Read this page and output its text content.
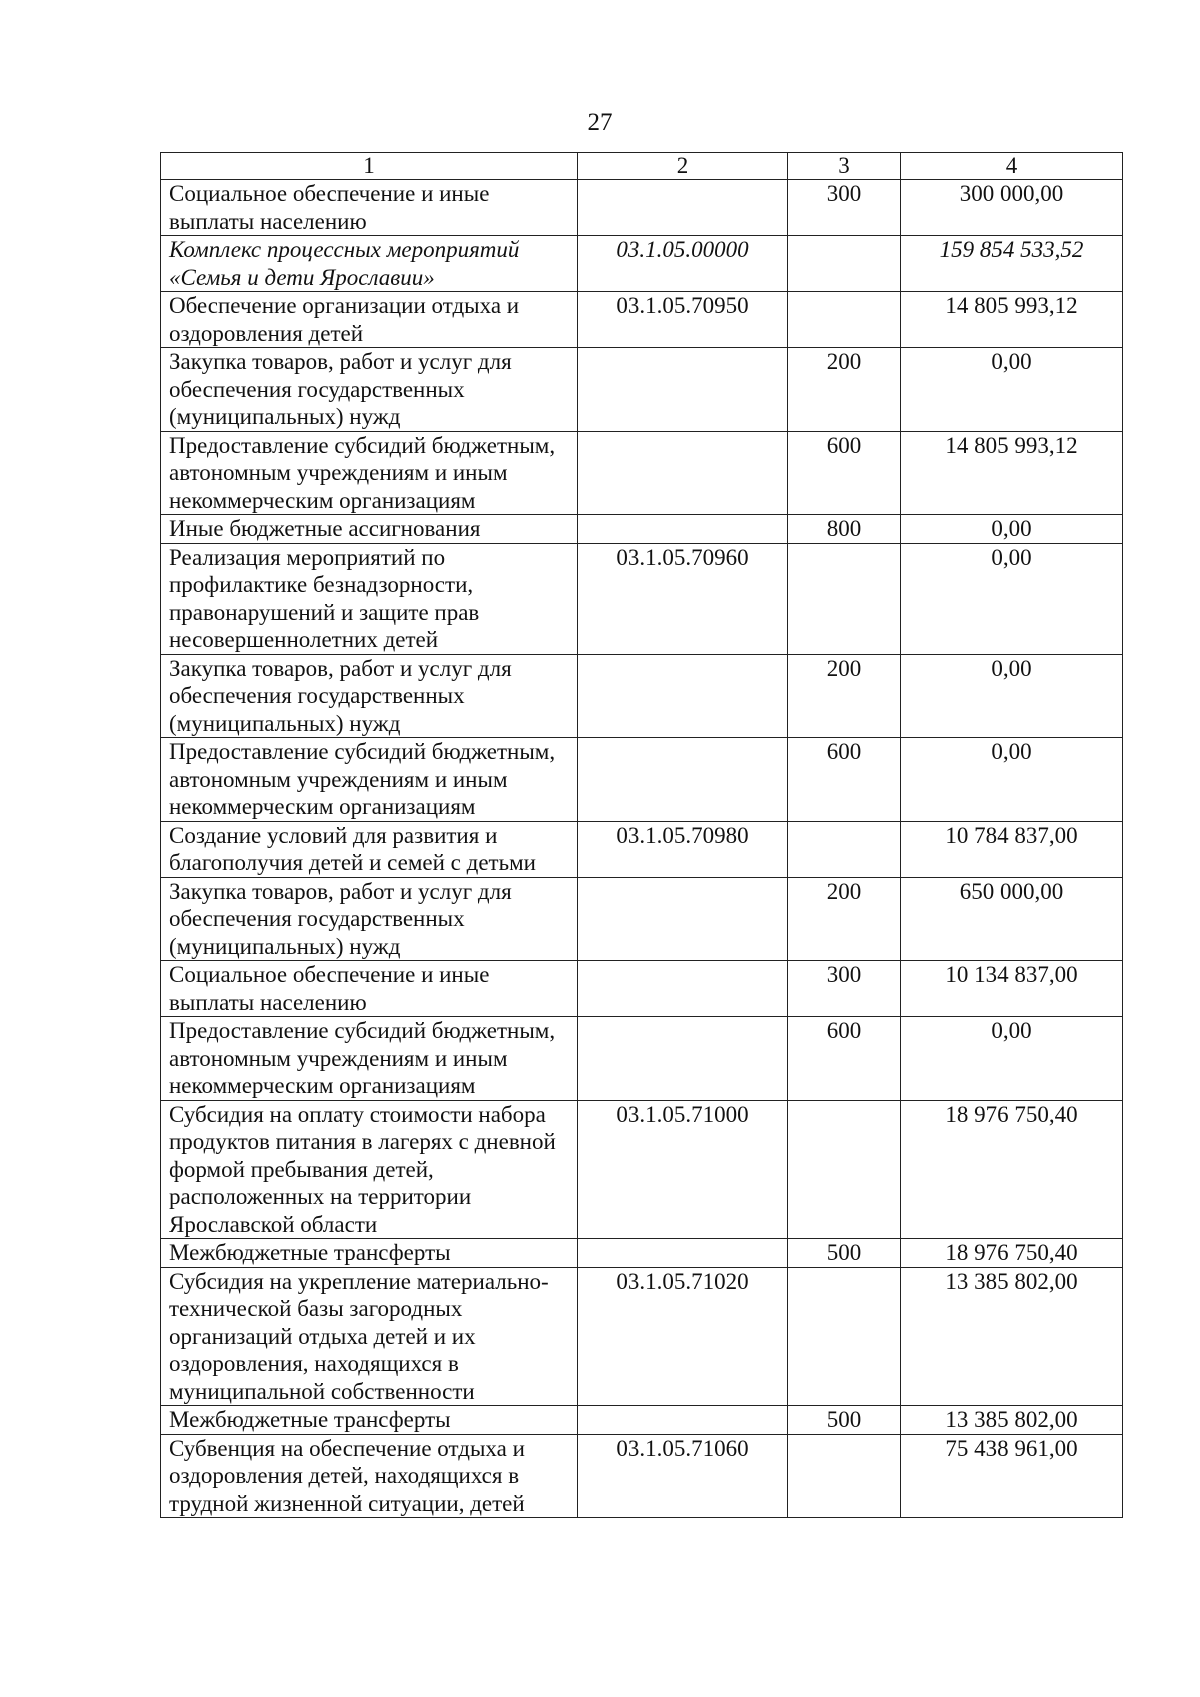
27
1	2	3	4
Социальное обеспечение и иные выплаты населению		300	300 000,00
Комплекс процессных мероприятий «Семья и дети Ярославии»	03.1.05.00000		159 854 533,52
Обеспечение организации отдыха и оздоровления детей	03.1.05.70950		14 805 993,12
Закупка товаров, работ и услуг для обеспечения государственных (муниципальных) нужд		200	0,00
Предоставление субсидий бюджетным, автономным учреждениям и иным некоммерческим организациям		600	14 805 993,12
Иные бюджетные ассигнования		800	0,00
Реализация мероприятий по профилактике безнадзорности, правонарушений и защите прав несовершеннолетних детей	03.1.05.70960		0,00
Закупка товаров, работ и услуг для обеспечения государственных (муниципальных) нужд		200	0,00
Предоставление субсидий бюджетным, автономным учреждениям и иным некоммерческим организациям		600	0,00
Создание условий для развития и благополучия детей и семей с детьми	03.1.05.70980		10 784 837,00
Закупка товаров, работ и услуг для обеспечения государственных (муниципальных) нужд		200	650 000,00
Социальное обеспечение и иные выплаты населению		300	10 134 837,00
Предоставление субсидий бюджетным, автономным учреждениям и иным некоммерческим организациям		600	0,00
Субсидия на оплату стоимости набора продуктов питания в лагерях с дневной формой пребывания детей, расположенных на территории Ярославской области	03.1.05.71000		18 976 750,40
Межбюджетные трансферты		500	18 976 750,40
Субсидия на укрепление материально-технической базы загородных организаций отдыха детей и их оздоровления, находящихся в муниципальной собственности	03.1.05.71020		13 385 802,00
Межбюджетные трансферты		500	13 385 802,00
Субвенция на обеспечение отдыха и оздоровления детей, находящихся в трудной жизненной ситуации, детей	03.1.05.71060		75 438 961,00
